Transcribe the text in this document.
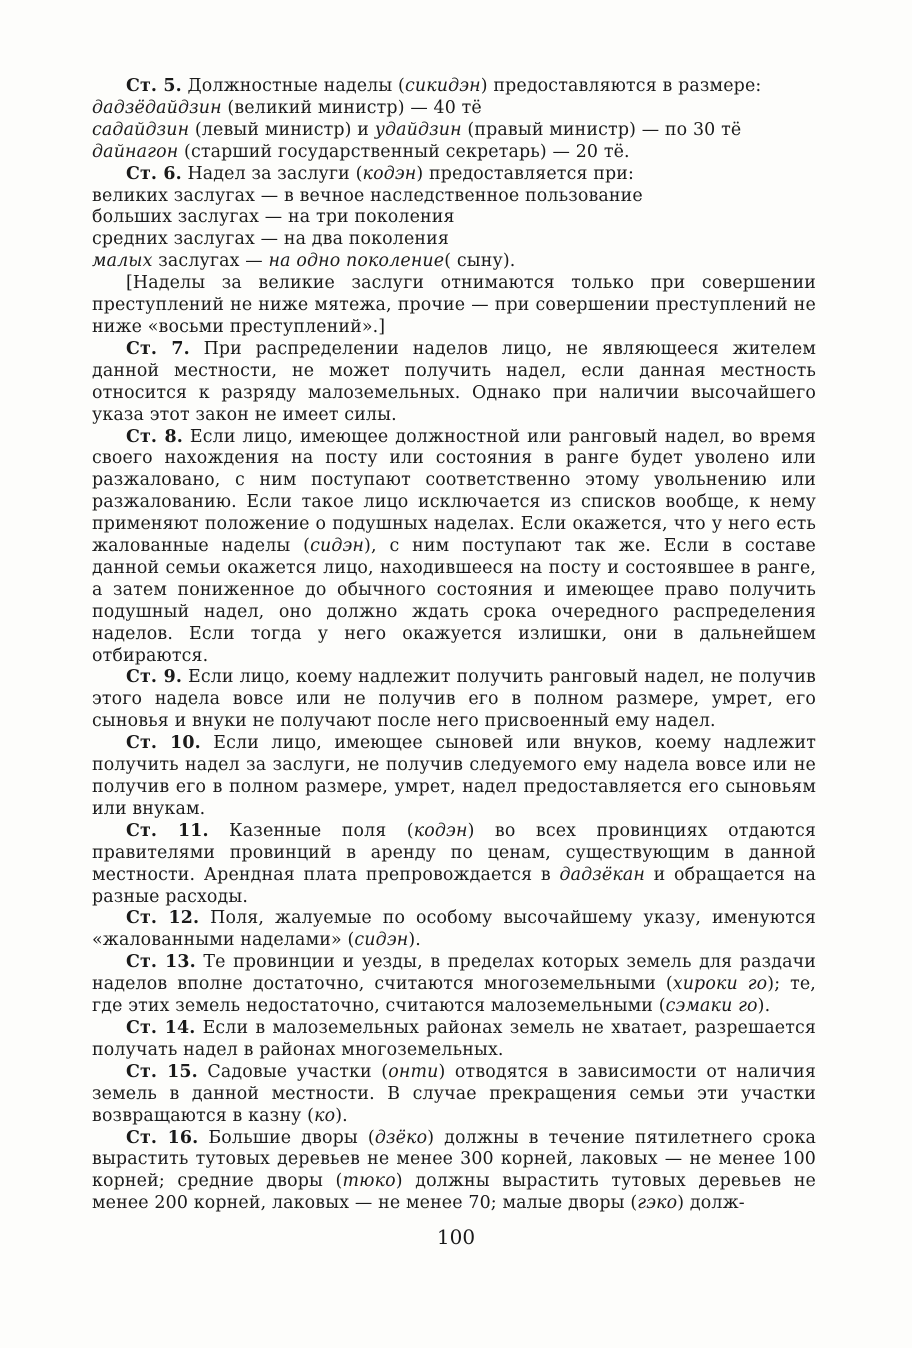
Ст. 5. Должностные наделы (сикидэн) предоставляются в размере:
дадзёдайдзин (великий министр) — 40 тё
садайдзин (левый министр) и удайдзин (правый министр) — по 30 тё
дайнагон (старший государственный секретарь) — 20 тё.
Ст. 6. Надел за заслуги (кодэн) предоставляется при:
великих заслугах — в вечное наследственное пользование
больших заслугах — на три поколения
средних заслугах — на два поколения
малых заслугах — на одно поколение( сыну).
[Наделы за великие заслуги отнимаются только при совершении преступлений не ниже мятежа, прочие — при совершении преступлений не ниже «восьми преступлений».]
Ст. 7. При распределении наделов лицо, не являющееся жителем данной местности, не может получить надел, если данная местность относится к разряду малоземельных. Однако при наличии высочайшего указа этот закон не имеет силы.
Ст. 8. Если лицо, имеющее должностной или ранговый надел, во время своего нахождения на посту или состояния в ранге будет уволено или разжаловано, с ним поступают соответственно этому увольнению или разжалованию. Если такое лицо исключается из списков вообще, к нему применяют положение о подушных наделах. Если окажется, что у него есть жалованные наделы (сидэн), с ним поступают так же. Если в составе данной семьи окажется лицо, находившееся на посту и состоявшее в ранге, а затем пониженное до обычного состояния и имеющее право получить подушный надел, оно должно ждать срока очередного распределения наделов. Если тогда у него окажуется излишки, они в дальнейшем отбираются.
Ст. 9. Если лицо, коему надлежит получить ранговый надел, не получив этого надела вовсе или не получив его в полном размере, умрет, его сыновья и внуки не получают после него присвоенный ему надел.
Ст. 10. Если лицо, имеющее сыновей или внуков, коему надлежит получить надел за заслуги, не получив следуемого ему надела вовсе или не получив его в полном размере, умрет, надел предоставляется его сыновьям или внукам.
Ст. 11. Казенные поля (кодэн) во всех провинциях отдаются правителями провинций в аренду по ценам, существующим в данной местности. Арендная плата препровождается в дадзёкан и обращается на разные расходы.
Ст. 12. Поля, жалуемые по особому высочайшему указу, именуются «жалованными наделами» (сидэн).
Ст. 13. Те провинции и уезды, в пределах которых земель для раздачи наделов вполне достаточно, считаются многоземельными (хироки го); те, где этих земель недостаточно, считаются малоземельными (сэмаки го).
Ст. 14. Если в малоземельных районах земель не хватает, разрешается получать надел в районах многоземельных.
Ст. 15. Садовые участки (онти) отводятся в зависимости от наличия земель в данной местности. В случае прекращения семьи эти участки возвращаются в казну (ко).
Ст. 16. Большие дворы (дзёко) должны в течение пятилетнего срока вырастить тутовых деревьев не менее 300 корней, лаковых — не менее 100 корней; средние дворы (тюко) должны вырастить тутовых деревьев не менее 200 корней, лаковых — не менее 70; малые дворы (гэко) долж-
100
